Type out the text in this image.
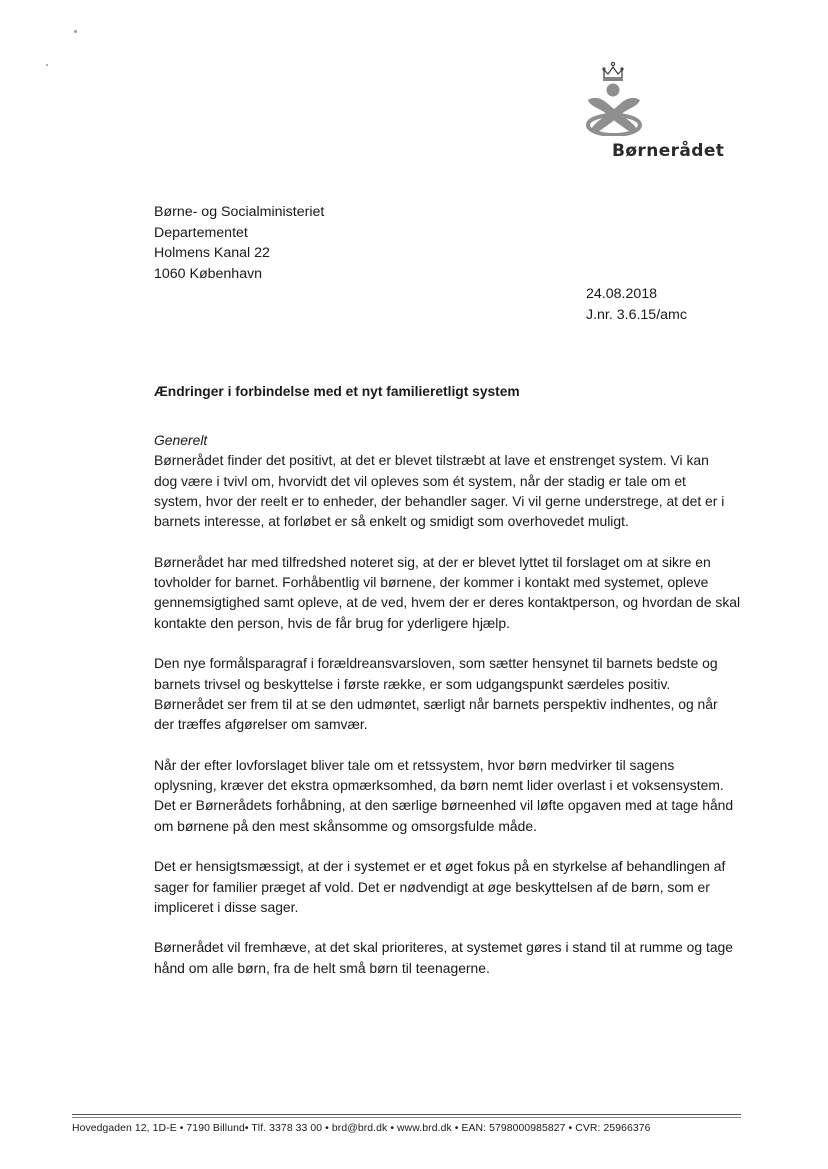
Børnerådet
Børne- og Socialministeriet
Departementet
Holmens Kanal 22
1060 København
24.08.2018
J.nr. 3.6.15/amc
Ændringer i forbindelse med et nyt familieretligt system
Generelt
Børnerådet finder det positivt, at det er blevet tilstræbt at lave et enstrenget system. Vi kan
dog være i tvivl om, hvorvidt det vil opleves som ét system, når der stadig er tale om et
system, hvor der reelt er to enheder, der behandler sager. Vi vil gerne understrege, at det er i
barnets interesse, at forløbet er så enkelt og smidigt som overhovedet muligt.
Børnerådet har med tilfredshed noteret sig, at der er blevet lyttet til forslaget om at sikre en
tovholder for barnet. Forhåbentlig vil børnene, der kommer i kontakt med systemet, opleve
gennemsigtighed samt opleve, at de ved, hvem der er deres kontaktperson, og hvordan de skal
kontakte den person, hvis de får brug for yderligere hjælp.
Den nye formålsparagraf i forældreansvarsloven, som sætter hensynet til barnets bedste og
barnets trivsel og beskyttelse i første række, er som udgangspunkt særdeles positiv.
Børnerådet ser frem til at se den udmøntet, særligt når barnets perspektiv indhentes, og når
der træffes afgørelser om samvær.
Når der efter lovforslaget bliver tale om et retssystem, hvor børn medvirker til sagens
oplysning, kræver det ekstra opmærksomhed, da børn nemt lider overlast i et voksensystem.
Det er Børnerådets forhåbning, at den særlige børneenhed vil løfte opgaven med at tage hånd
om børnene på den mest skånsomme og omsorgsfulde måde.
Det er hensigtsmæssigt, at der i systemet er et øget fokus på en styrkelse af behandlingen af
sager for familier præget af vold. Det er nødvendigt at øge beskyttelsen af de børn, som er
impliceret i disse sager.
Børnerådet vil fremhæve, at det skal prioriteres, at systemet gøres i stand til at rumme og tage
hånd om alle børn, fra de helt små børn til teenagerne.
Hovedgaden 12, 1D-E • 7190 Billund• Tlf. 3378 33 00 • brd@brd.dk • www.brd.dk • EAN: 5798000985827 • CVR: 25966376
